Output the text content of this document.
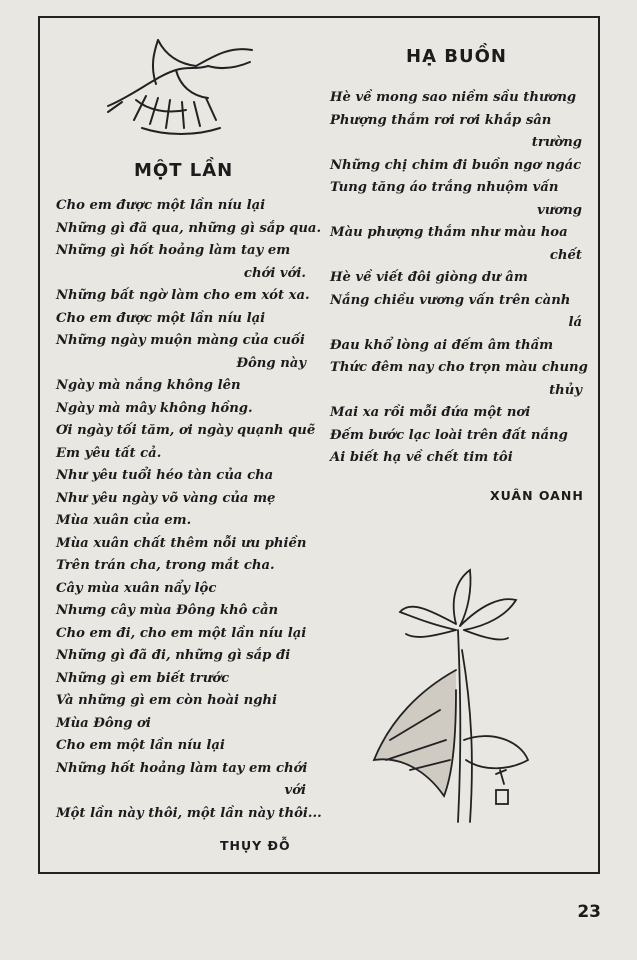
MỘT LẦN
Cho em được một lần níu lại
Những gì đã qua, những gì sắp qua.
Những gì hốt hoảng làm tay em
chới với.
Những bất ngờ làm cho em xót xa.
Cho em được một lần níu lại
Những ngày muộn màng của cuối
Đông này
Ngày mà nắng không lên
Ngày mà mây không hồng.
Ơi ngày tối tăm, ơi ngày quạnh quẽ
Em yêu tất cả.
Như yêu tuổi héo tàn của cha
Như yêu ngày võ vàng của mẹ
Mùa xuân của em.
Mùa xuân chất thêm nỗi ưu phiền
Trên trán cha, trong mắt cha.
Cây mùa xuân nẩy lộc
Nhưng cây mùa Đông khô cằn
Cho em đi, cho em một lần níu lại
Những gì đã đi, những gì sắp đi
Những gì em biết trước
Và những gì em còn hoài nghi
Mùa Đông ơi
Cho em một lần níu lại
Những hốt hoảng làm tay em chới
với
Một lần này thôi, một lần này thôi...

THỤY ĐỖ

HẠ BUỒN
Hè về mong sao niềm sầu thương
Phượng thắm rơi rơi khắp sân
trường
Những chị chim đi buồn ngơ ngác
Tung tăng áo trắng nhuộm vấn
vương
Màu phượng thắm như màu hoa
chết
Hè về viết đôi giòng dư âm
Nắng chiều vương vấn trên cành
lá
Đau khổ lòng ai đếm âm thầm
Thức đêm nay cho trọn màu chung
thủy
Mai xa rồi mỗi đứa một nơi
Đếm bước lạc loài trên đất nắng
Ai biết hạ về chết tim tôi

XUÂN OANH

23
